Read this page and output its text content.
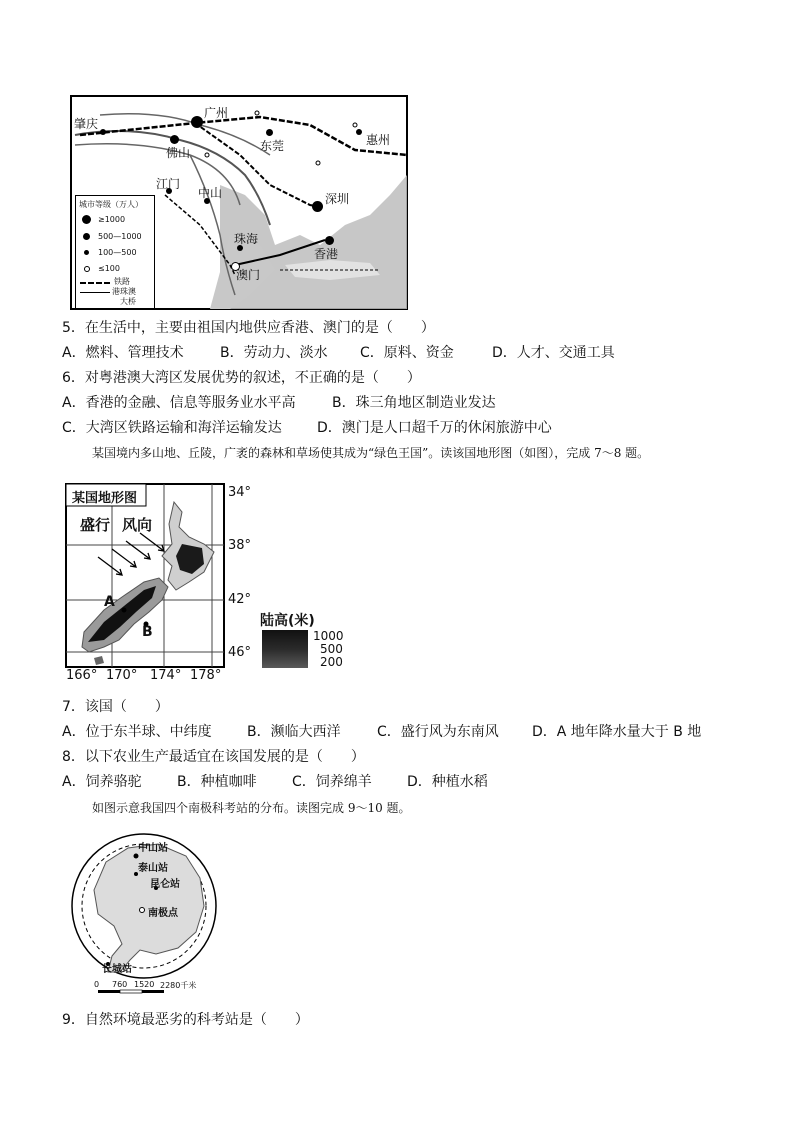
肇庆
广州
佛山	东莞	惠州
江门
中山	深圳
珠海
香港
澳门
城市等级（万人）
≥1000
500—1000
100—500
≤100
铁路
港珠澳
大桥
5．在生活中，主要由祖国内地供应香港、澳门的是（　　）
A．燃料、管理技术	B．劳动力、淡水 C．原料、资金	D．人才、交通工具
6．对粤港澳大湾区发展优势的叙述，不正确的是（　　）
A．香港的金融、信息等服务业水平高	B．珠三角地区制造业发达
C．大湾区铁路运输和海洋运输发达	D．澳门是人口超千万的休闲旅游中心
某国境内多山地、丘陵，广袤的森林和草场使其成为“绿色王国”。读该国地形图（如图），完成 7～8 题。
某国地形图
盛行 风向
A
B
34°
38°
42°
46°
166° 170° 174° 178°
陆高(米)
1000
500
200
7．该国（　　）
A．位于东半球、中纬度	B．濒临大西洋	C．盛行风为东南风 D．A 地年降水量大于 B 地
8．以下农业生产最适宜在该国发展的是（　　）
A．饲养骆驼	B．种植咖啡	C．饲养绵羊	D．种植水稻
如图示意我国四个南极科考站的分布。读图完成 9～10 题。
中山站
泰山站
昆仑站
南极点
长城站
0 760 1520 2280千米
9．自然环境最恶劣的科考站是（　　）
